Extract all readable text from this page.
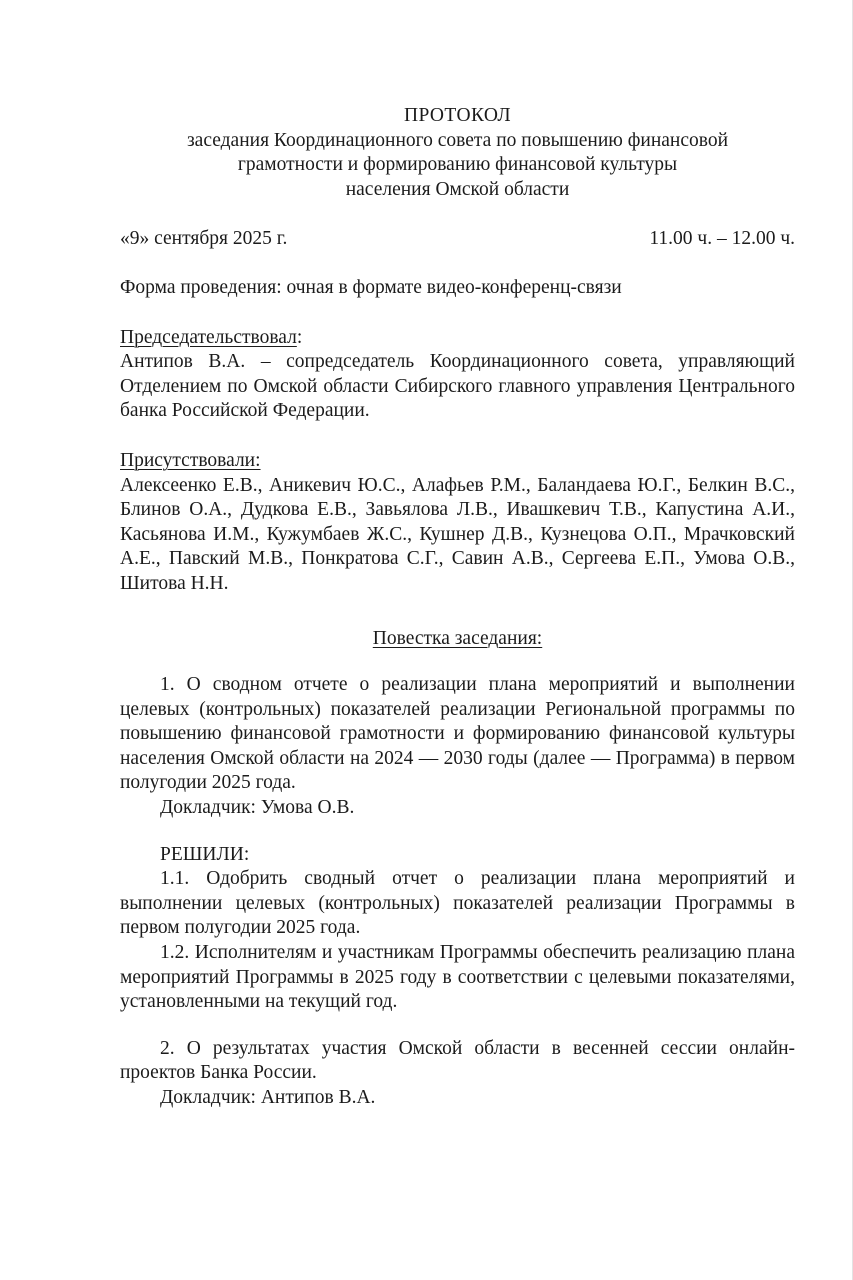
ПРОТОКОЛ
заседания Координационного совета по повышению финансовой
грамотности и формированию финансовой культуры
населения Омской области
«9» сентября 2025 г.	11.00 ч. – 12.00 ч.
Форма проведения: очная в формате видео-конференц-связи
Председательствовал:
Антипов В.А. – сопредседатель Координационного совета, управляющий Отделением по Омской области Сибирского главного управления Центрального банка Российской Федерации.
Присутствовали:
Алексеенко Е.В., Аникевич Ю.С., Алафьев Р.М., Баландаева Ю.Г., Белкин В.С., Блинов О.А., Дудкова Е.В., Завьялова Л.В., Ивашкевич Т.В., Капустина А.И., Касьянова И.М., Кужумбаев Ж.С., Кушнер Д.В., Кузнецова О.П., Мрачковский А.Е., Павский М.В., Понкратова С.Г., Савин А.В., Сергеева Е.П., Умова О.В., Шитова Н.Н.
Повестка заседания:
1. О сводном отчете о реализации плана мероприятий и выполнении целевых (контрольных) показателей реализации Региональной программы по повышению финансовой грамотности и формированию финансовой культуры населения Омской области на 2024 — 2030 годы (далее — Программа) в первом полугодии 2025 года.
Докладчик: Умова О.В.
РЕШИЛИ:
1.1. Одобрить сводный отчет о реализации плана мероприятий и выполнении целевых (контрольных) показателей реализации Программы в первом полугодии 2025 года.
1.2. Исполнителям и участникам Программы обеспечить реализацию плана мероприятий Программы в 2025 году в соответствии с целевыми показателями, установленными на текущий год.
2. О результатах участия Омской области в весенней сессии онлайн-проектов Банка России.
Докладчик: Антипов В.А.
